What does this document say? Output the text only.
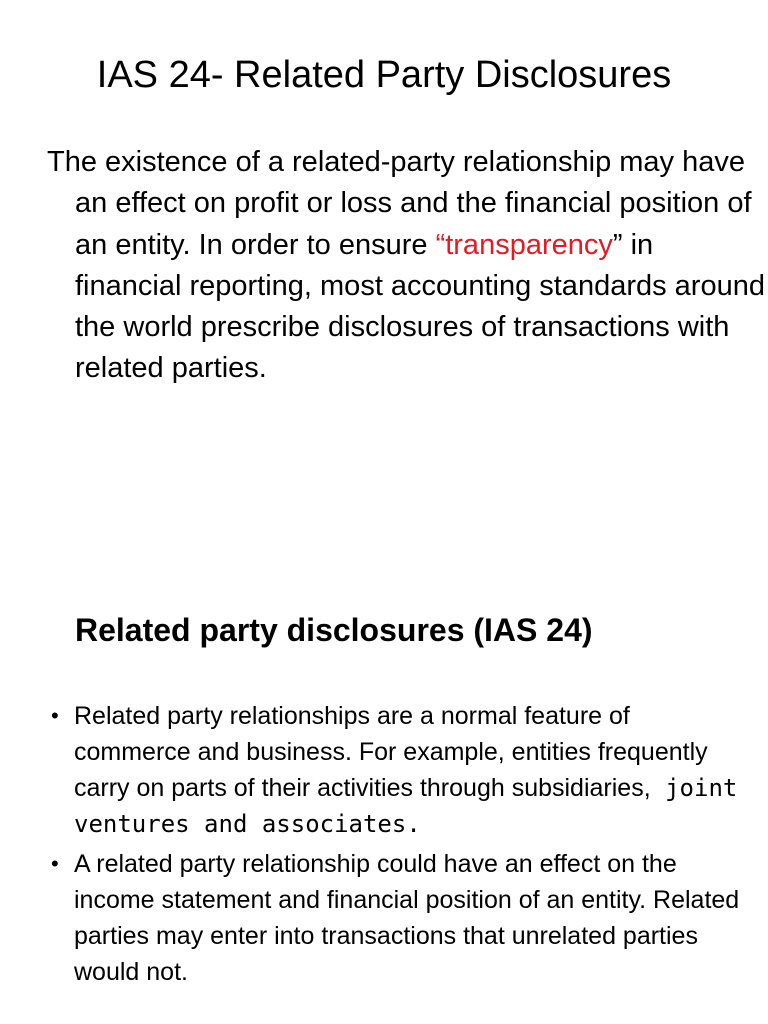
IAS 24- Related Party Disclosures

The existence of a related-party relationship may have an effect on profit or loss and the financial position of an entity. In order to ensure “transparency” in financial reporting, most accounting standards around the world prescribe disclosures of transactions with related parties.

Related party disclosures (IAS 24)
• Related party relationships are a normal feature of commerce and business. For example, entities frequently carry on parts of their activities through subsidiaries, joint ventures and associates.
• A related party relationship could have an effect on the income statement and financial position of an entity. Related parties may enter into transactions that unrelated parties would not.
